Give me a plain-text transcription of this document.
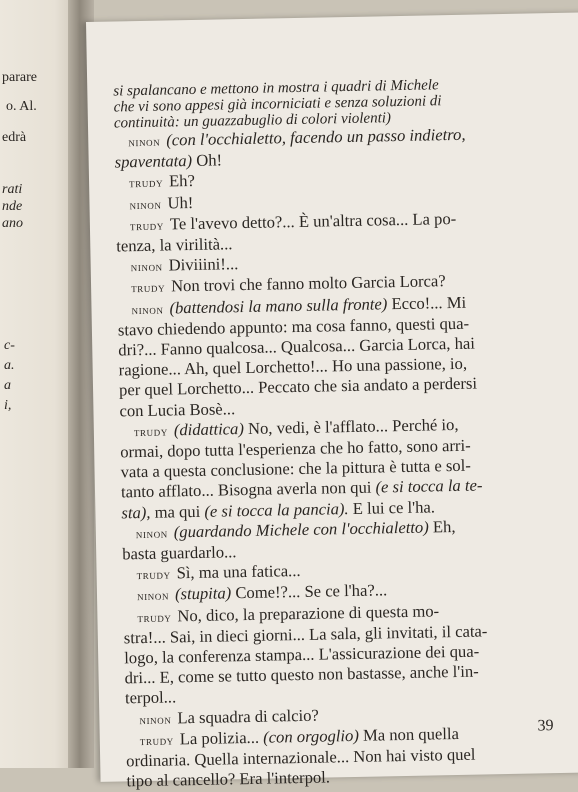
parare
o. Al.
edrà
rati
nde
ano
c-
a.
a
i,
si spalancano e mettono in mostra i quadri di Michele
che vi sono appesi già incorniciati e senza soluzioni di
continuità: un guazzabuglio di colori violenti)
ninon (con l'occhialetto, facendo un passo indietro,
spaventata) Oh!
trudy Eh?
ninon Uh!
trudy Te l'avevo detto?... È un'altra cosa... La po-
tenza, la virilità...
ninon Diviiini!...
trudy Non trovi che fanno molto Garcia Lorca?
ninon (battendosi la mano sulla fronte) Ecco!... Mi
stavo chiedendo appunto: ma cosa fanno, questi qua-
dri?... Fanno qualcosa... Qualcosa... Garcia Lorca, hai
ragione... Ah, quel Lorchetto!... Ho una passione, io,
per quel Lorchetto... Peccato che sia andato a perdersi
con Lucia Bosè...
trudy (didattica) No, vedi, è l'afflato... Perché io,
ormai, dopo tutta l'esperienza che ho fatto, sono arri-
vata a questa conclusione: che la pittura è tutta e sol-
tanto afflato... Bisogna averla non qui (e si tocca la te-
sta), ma qui (e si tocca la pancia). E lui ce l'ha.
ninon (guardando Michele con l'occhialetto) Eh,
basta guardarlo...
trudy Sì, ma una fatica...
ninon (stupita) Come!?... Se ce l'ha?...
trudy No, dico, la preparazione di questa mo-
stra!... Sai, in dieci giorni... La sala, gli invitati, il cata-
logo, la conferenza stampa... L'assicurazione dei qua-
dri... E, come se tutto questo non bastasse, anche l'in-
terpol...
ninon La squadra di calcio?
trudy La polizia... (con orgoglio) Ma non quella
ordinaria. Quella internazionale... Non hai visto quel
tipo al cancello? Era l'interpol.
39
